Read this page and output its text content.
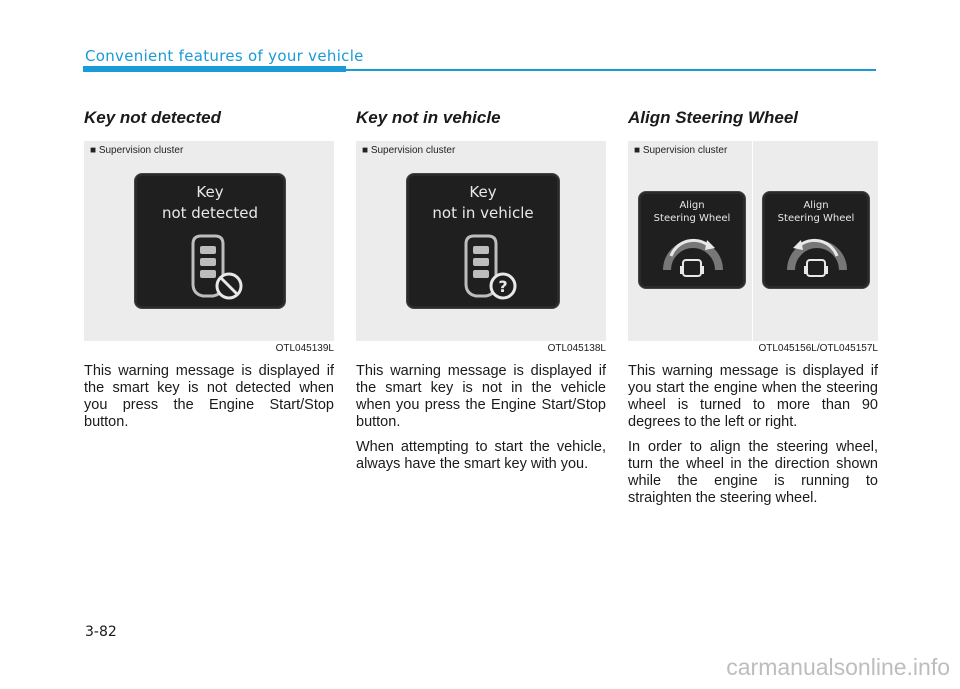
Convenient features of your vehicle
Key not detected
■ Supervision cluster
Key
not detected
OTL045139L

This warning message is displayed if the smart key is not detected when you press the Engine Start/Stop button.

Key not in vehicle
■ Supervision cluster
Key
not in vehicle
?
OTL045138L

This warning message is displayed if the smart key is not in the vehicle when you press the Engine Start/Stop button.

When attempting to start the vehicle, always have the smart key with you.

Align Steering Wheel
■ Supervision cluster
Align
Steering Wheel
Align
Steering Wheel
OTL045156L/OTL045157L

This warning message is displayed if you start the engine when the steering wheel is turned to more than 90 degrees to the left or right.

In order to align the steering wheel, turn the wheel in the direction shown while the engine is running to straighten the steering wheel.

3-82
carmanualsonline.info
